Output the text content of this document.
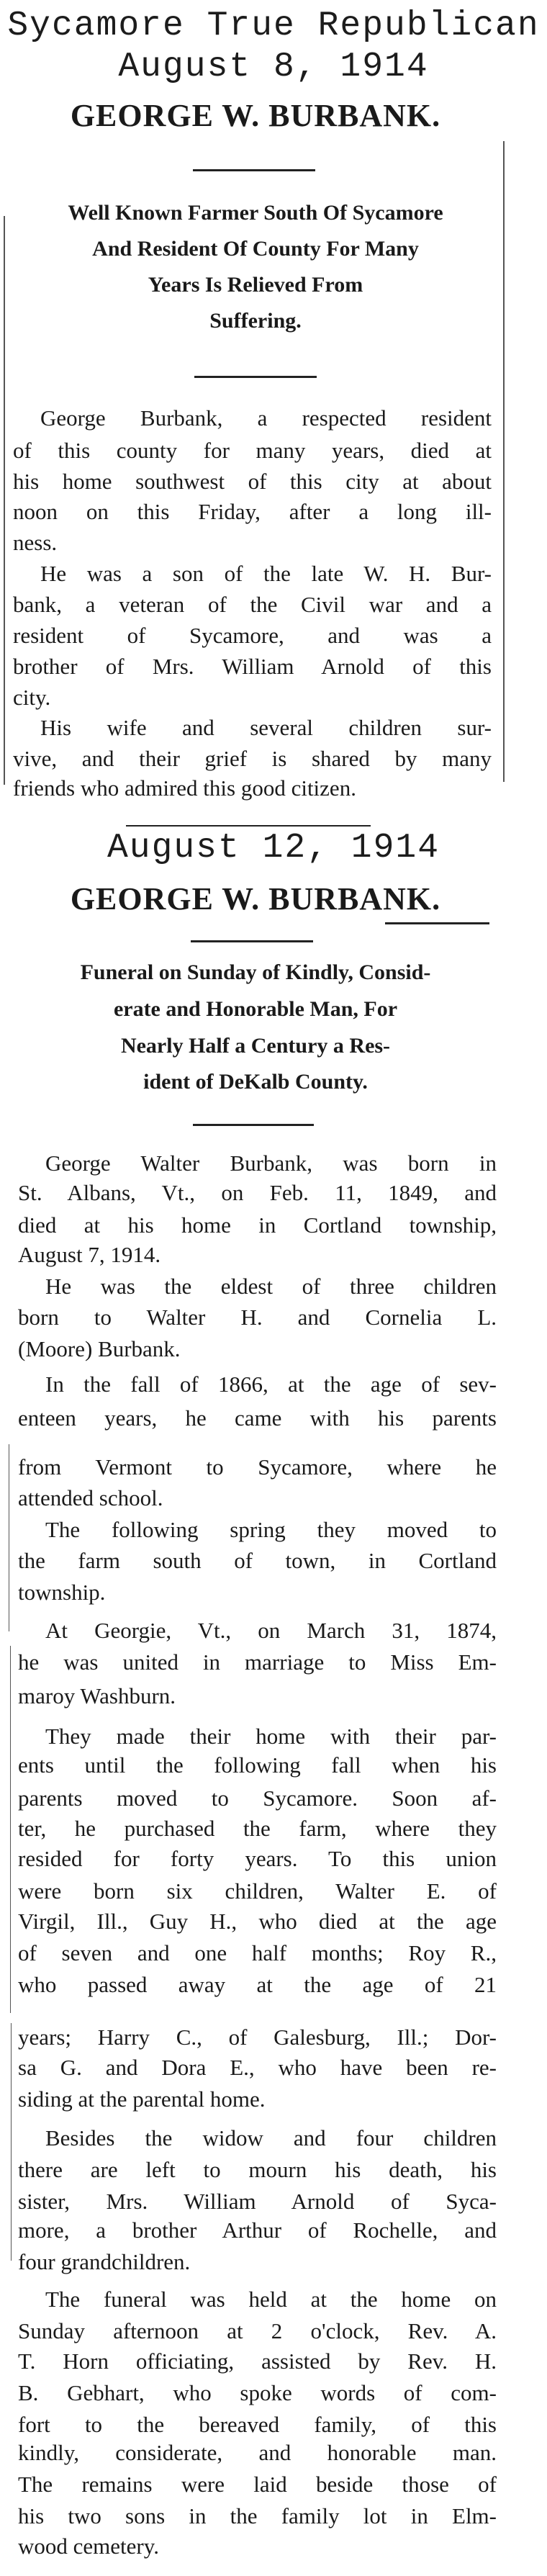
Sycamore True Republican
August 8, 1914
GEORGE W. BURBANK.
Well Known Farmer South Of Sycamore
And Resident Of County For Many
Years Is Relieved From
Suffering.
George Burbank, a respected resident
of this county for many years, died at
his home southwest of this city at about
noon on this Friday, after a long ill-
ness.
He was a son of the late W. H. Bur-
bank, a veteran of the Civil war and a
resident of Sycamore, and was a
brother of Mrs. William Arnold of this
city.
His wife and several children sur-
vive, and their grief is shared by many
friends who admired this good citizen.
August 12, 1914
GEORGE W. BURBANK.
Funeral on Sunday of Kindly, Consid-
erate and Honorable Man, For
Nearly Half a Century a Res-
ident of DeKalb County.
George Walter Burbank, was born in
St. Albans, Vt., on Feb. 11, 1849, and
died at his home in Cortland township,
August 7, 1914.
He was the eldest of three children
born to Walter H. and Cornelia L.
(Moore) Burbank.
In the fall of 1866, at the age of sev-
enteen years, he came with his parents
from Vermont to Sycamore, where he
attended school.
The following spring they moved to
the farm south of town, in Cortland
township.
At Georgie, Vt., on March 31, 1874,
he was united in marriage to Miss Em-
maroy Washburn.
They made their home with their par-
ents until the following fall when his
parents moved to Sycamore. Soon af-
ter, he purchased the farm, where they
resided for forty years. To this union
were born six children, Walter E. of
Virgil, Ill., Guy H., who died at the age
of seven and one half months; Roy R.,
who passed away at the age of 21
years; Harry C., of Galesburg, Ill.; Dor-
sa G. and Dora E., who have been re-
siding at the parental home.
Besides the widow and four children
there are left to mourn his death, his
sister, Mrs. William Arnold of Syca-
more, a brother Arthur of Rochelle, and
four grandchildren.
The funeral was held at the home on
Sunday afternoon at 2 o'clock, Rev. A.
T. Horn officiating, assisted by Rev. H.
B. Gebhart, who spoke words of com-
fort to the bereaved family, of this
kindly, considerate, and honorable man.
The remains were laid beside those of
his two sons in the family lot in Elm-
wood cemetery.
